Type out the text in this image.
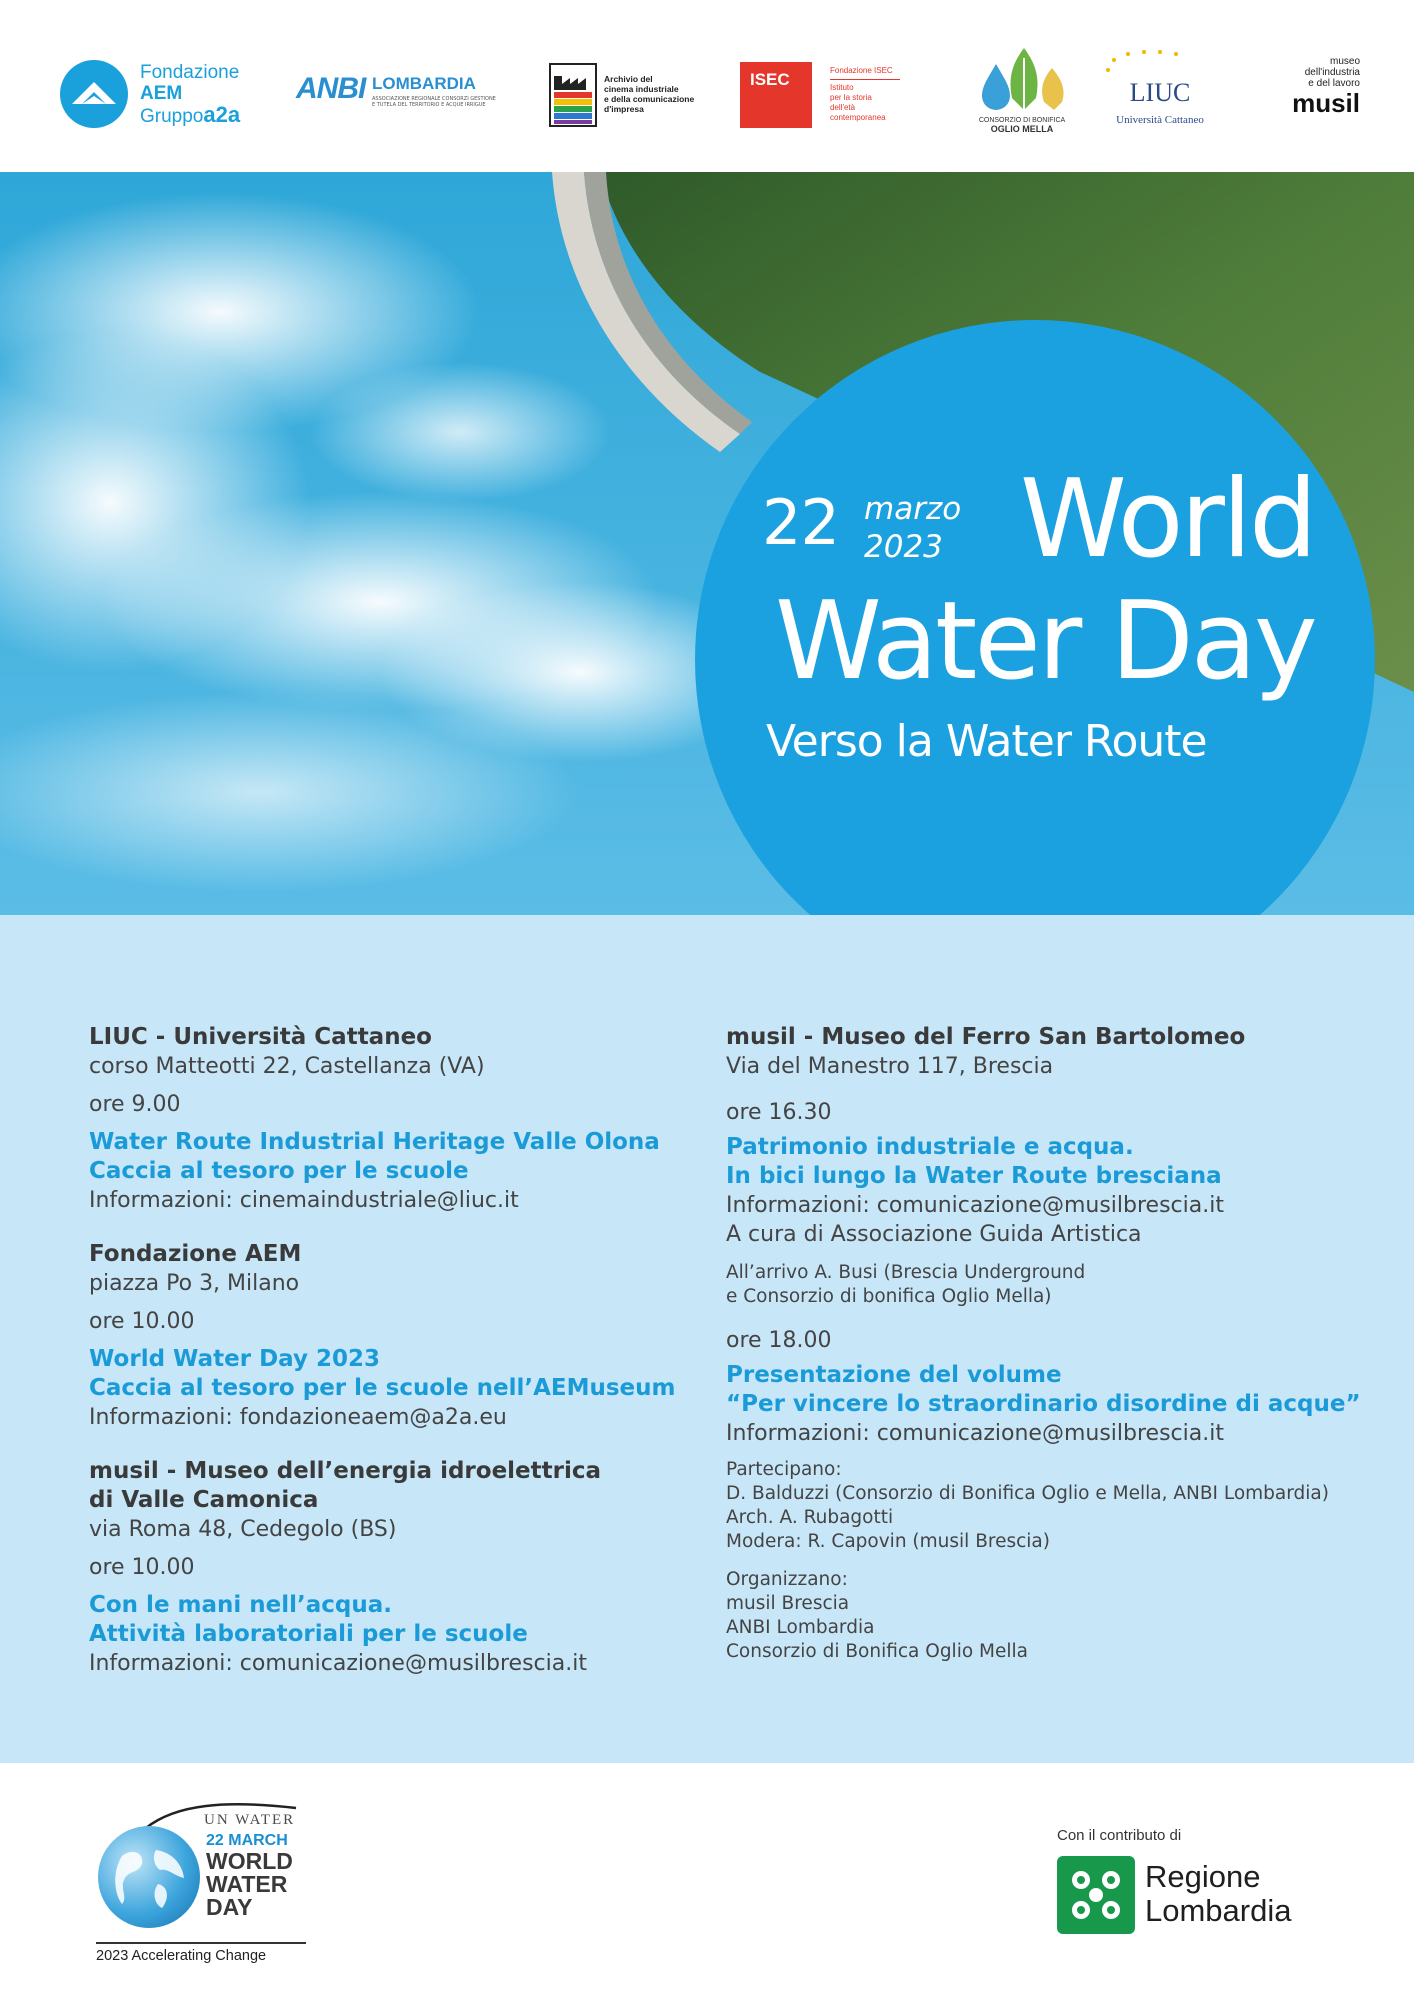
Fondazione
AEM
Gruppoa2a
ANBI LOMBARDIA
ASSOCIAZIONE REGIONALE CONSORZI GESTIONE E TUTELA DEL TERRITORIO E ACQUE IRRIGUE
Archivio del
cinema industriale
e della comunicazione
d'impresa
ISEC	Fondazione ISEC
Istituto
per la storia
dell'età
contemporanea	CONSORZIO DI BONIFICA
OGLIO MELLA
LIUC
Università Cattaneo
museo
dell'industria
e del lavoro
musil
22 marzo
2023 World
Water Day
Verso la Water Route
LIUC - Università Cattaneo
corso Matteotti 22, Castellanza (VA)
ore 9.00
Water Route Industrial Heritage Valle Olona
Caccia al tesoro per le scuole
Informazioni: cinemaindustriale@liuc.it
Fondazione AEM
piazza Po 3, Milano
ore 10.00
World Water Day 2023
Caccia al tesoro per le scuole nell’AEMuseum
Informazioni: fondazioneaem@a2a.eu
musil - Museo dell’energia idroelettrica
di Valle Camonica
via Roma 48, Cedegolo (BS)
ore 10.00
Con le mani nell’acqua.
Attività laboratoriali per le scuole
Informazioni: comunicazione@musilbrescia.it
musil - Museo del Ferro San Bartolomeo
Via del Manestro 117, Brescia
ore 16.30
Patrimonio industriale e acqua.
In bici lungo la Water Route bresciana
Informazioni: comunicazione@musilbrescia.it
A cura di Associazione Guida Artistica
All’arrivo A. Busi (Brescia Underground
e Consorzio di bonifica Oglio Mella)
ore 18.00
Presentazione del volume
“Per vincere lo straordinario disordine di acque”
Informazioni: comunicazione@musilbrescia.it
Partecipano:
D. Balduzzi (Consorzio di Bonifica Oglio e Mella, ANBI Lombardia)
Arch. A. Rubagotti
Modera: R. Capovin (musil Brescia)
Organizzano:
musil Brescia
ANBI Lombardia
Consorzio di Bonifica Oglio Mella
UN WATER
22 MARCH
WORLD
WATER
DAY
2023 Accelerating Change
Con il contributo di
Regione
Lombardia
